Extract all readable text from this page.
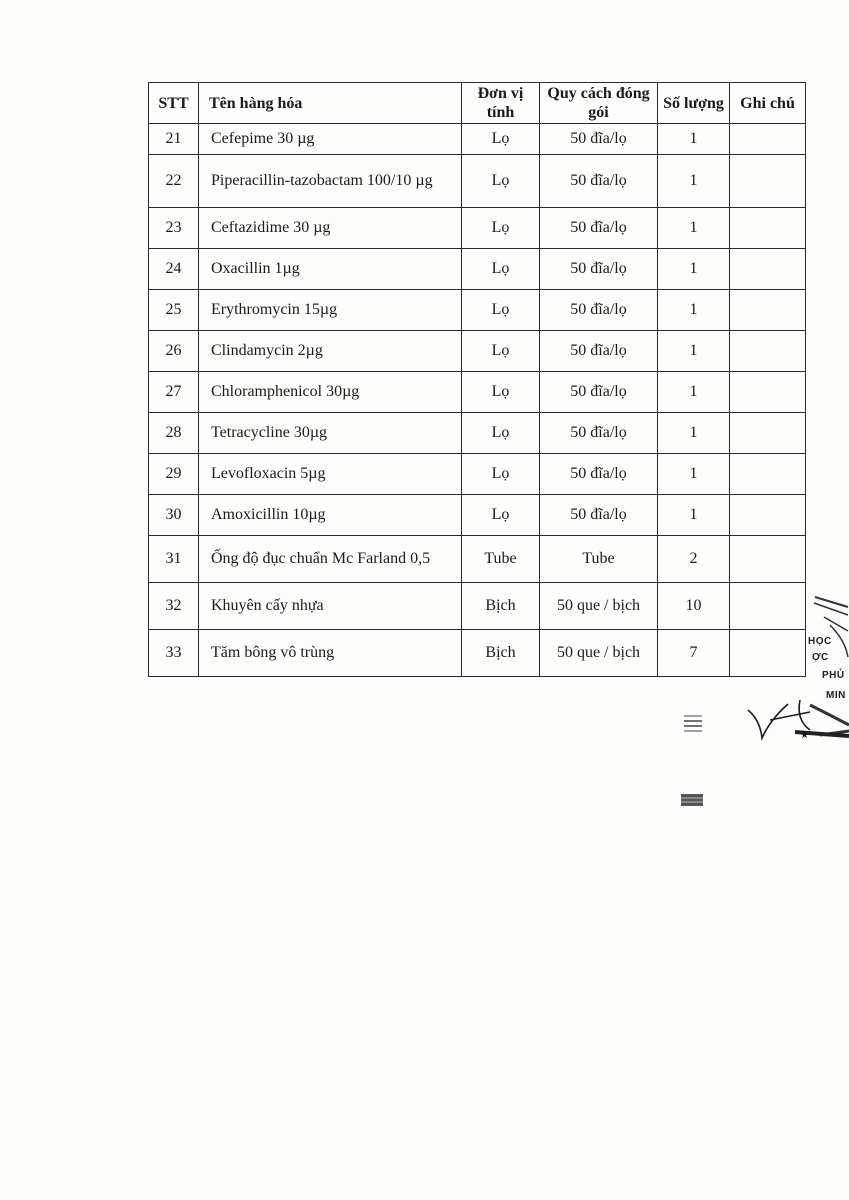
STT	Tên hàng hóa	Đơn vị tính	Quy cách đóng gói	Số lượng	Ghi chú
21	Cefepime 30 µg	Lọ	50 đĩa/lọ	1	
22	Piperacillin-tazobactam 100/10 µg	Lọ	50 đĩa/lọ	1	
23	Ceftazidime 30 µg	Lọ	50 đĩa/lọ	1	
24	Oxacillin 1µg	Lọ	50 đĩa/lọ	1	
25	Erythromycin 15µg	Lọ	50 đĩa/lọ	1	
26	Clindamycin 2µg	Lọ	50 đĩa/lọ	1	
27	Chloramphenicol 30µg	Lọ	50 đĩa/lọ	1	
28	Tetracycline 30µg	Lọ	50 đĩa/lọ	1	
29	Levofloxacin 5µg	Lọ	50 đĩa/lọ	1	
30	Amoxicillin 10µg	Lọ	50 đĩa/lọ	1	
31	Ống độ đục chuẩn Mc Farland 0,5	Tube	Tube	2	
32	Khuyên cấy nhựa	Bịch	50 que / bịch	10	
33	Tăm bông vô trùng	Bịch	50 que / bịch	7	
HỌC
ỢC
PHỦ
MIN
★
